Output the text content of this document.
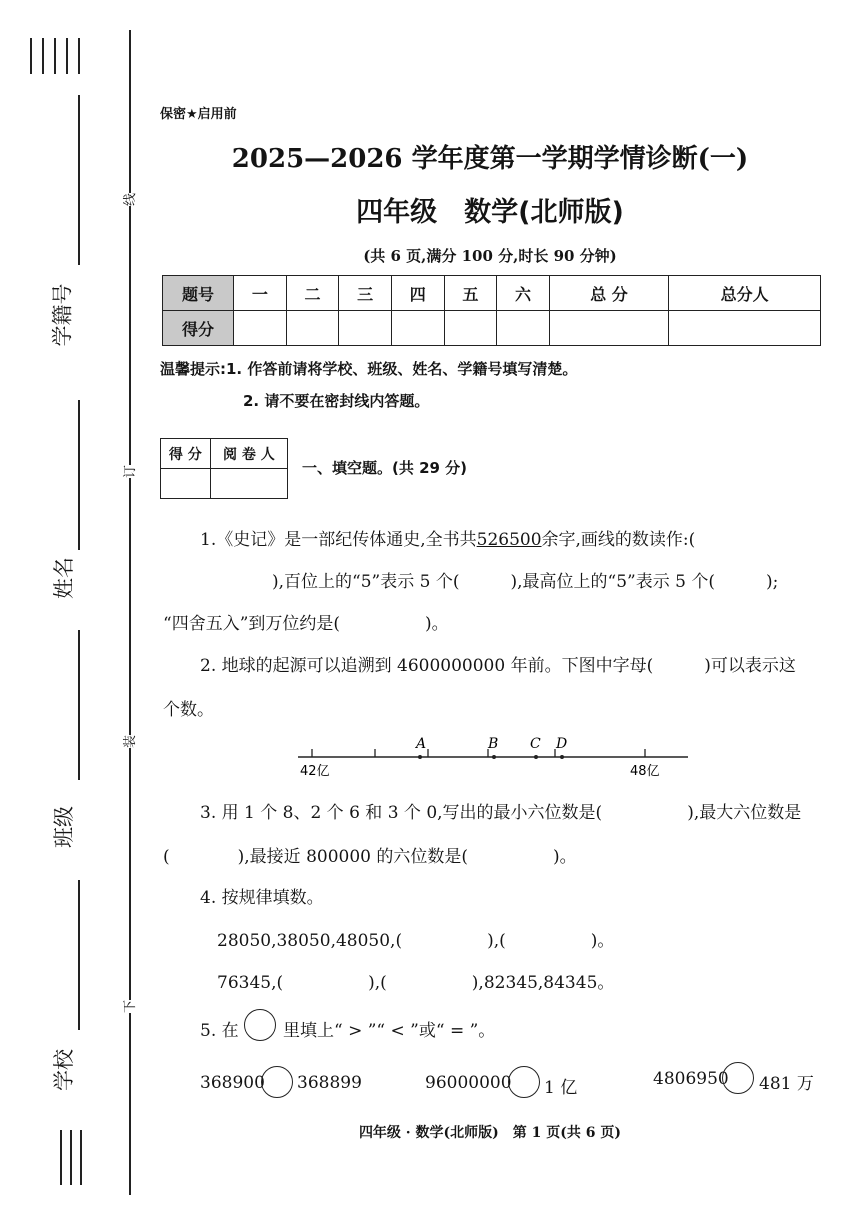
学籍号
姓名
班级
学校
线
订
装
下
保密★启用前
2025—2026 学年度第一学期学情诊断(一)
四年级　数学(北师版)
(共 6 页,满分 100 分,时长 90 分钟)
题号	一	二	三	四	五	六	总 分	总分人
得分								
温馨提示:1. 作答前请将学校、班级、姓名、学籍号填写清楚。
2. 请不要在密封线内答题。
得 分	阅 卷 人

一、填空题。(共 29 分)
1.《史记》是一部纪传体通史,全书共526500余字,画线的数读作:(
),百位上的“5”表示 5 个(　　　),最高位上的“5”表示 5 个(　　　);
“四舍五入”到万位约是(　　　　　)。
2. 地球的起源可以追溯到 4600000000 年前。下图中字母(　　　)可以表示这
个数。
A	B C D
42亿	48亿
3. 用 1 个 8、2 个 6 和 3 个 0,写出的最小六位数是(　　　　　),最大六位数是
(　　　　),最接近 800000 的六位数是(　　　　　)。
4. 按规律填数。
28050,38050,48050,(　　　　　),(　　　　　)。
76345,(　　　　　),(　　　　　),82345,84345。
5. 在	里填上“ > ”“ < ”或“ = ”。
368900 368899	96000000 1 亿	4806950 481 万
四年级 · 数学(北师版)　第 1 页(共 6 页)
